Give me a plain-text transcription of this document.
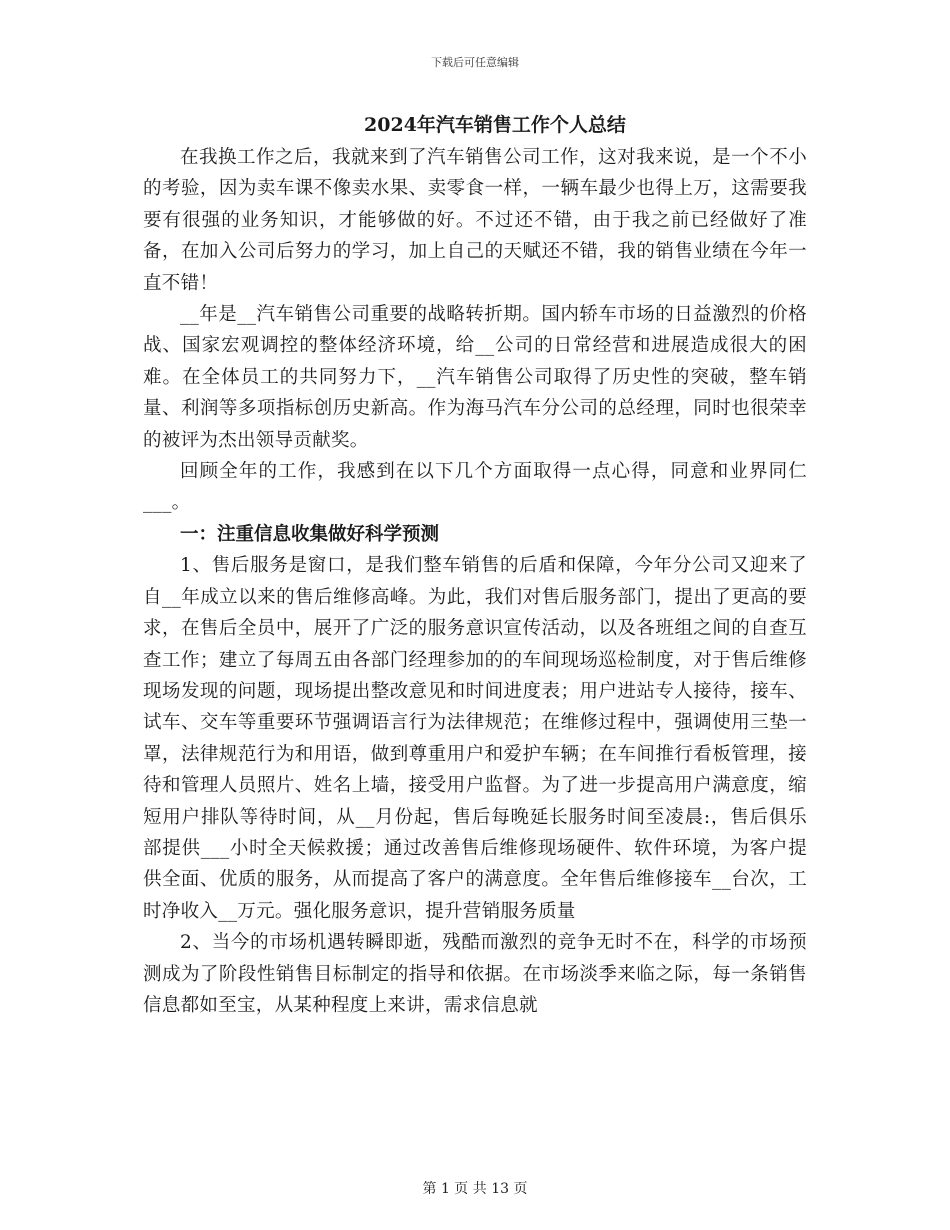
下载后可任意编辑
2024年汽车销售工作个人总结

在我换工作之后，我就来到了汽车销售公司工作，这对我来说，是一个不小的考验，因为卖车课不像卖水果、卖零食一样，一辆车最少也得上万，这需要我要有很强的业务知识，才能够做的好。不过还不错，由于我之前已经做好了准备，在加入公司后努力的学习，加上自己的天赋还不错，我的销售业绩在今年一直不错！

__年是__汽车销售公司重要的战略转折期。国内轿车市场的日益激烈的价格战、国家宏观调控的整体经济环境，给__公司的日常经营和进展造成很大的困难。在全体员工的共同努力下，__汽车销售公司取得了历史性的突破，整车销量、利润等多项指标创历史新高。作为海马汽车分公司的总经理，同时也很荣幸的被评为杰出领导贡献奖。

回顾全年的工作，我感到在以下几个方面取得一点心得，同意和业界同仁___。

一：注重信息收集做好科学预测

1、售后服务是窗口，是我们整车销售的后盾和保障，今年分公司又迎来了自__年成立以来的售后维修高峰。为此，我们对售后服务部门，提出了更高的要求，在售后全员中，展开了广泛的服务意识宣传活动，以及各班组之间的自查互查工作；建立了每周五由各部门经理参加的的车间现场巡检制度，对于售后维修现场发现的问题，现场提出整改意见和时间进度表；用户进站专人接待，接车、试车、交车等重要环节强调语言行为法律规范；在维修过程中，强调使用三垫一罩，法律规范行为和用语，做到尊重用户和爱护车辆；在车间推行看板管理，接待和管理人员照片、姓名上墙，接受用户监督。为了进一步提高用户满意度，缩短用户排队等待时间，从__月份起，售后每晚延长服务时间至凌晨:，售后俱乐部提供___小时全天候救援；通过改善售后维修现场硬件、软件环境，为客户提供全面、优质的服务，从而提高了客户的满意度。全年售后维修接车__台次，工时净收入__万元。强化服务意识，提升营销服务质量

2、当今的市场机遇转瞬即逝，残酷而激烈的竞争无时不在，科学的市场预测成为了阶段性销售目标制定的指导和依据。在市场淡季来临之际，每一条销售信息都如至宝，从某种程度上来讲，需求信息就

第 1 页 共 13 页
